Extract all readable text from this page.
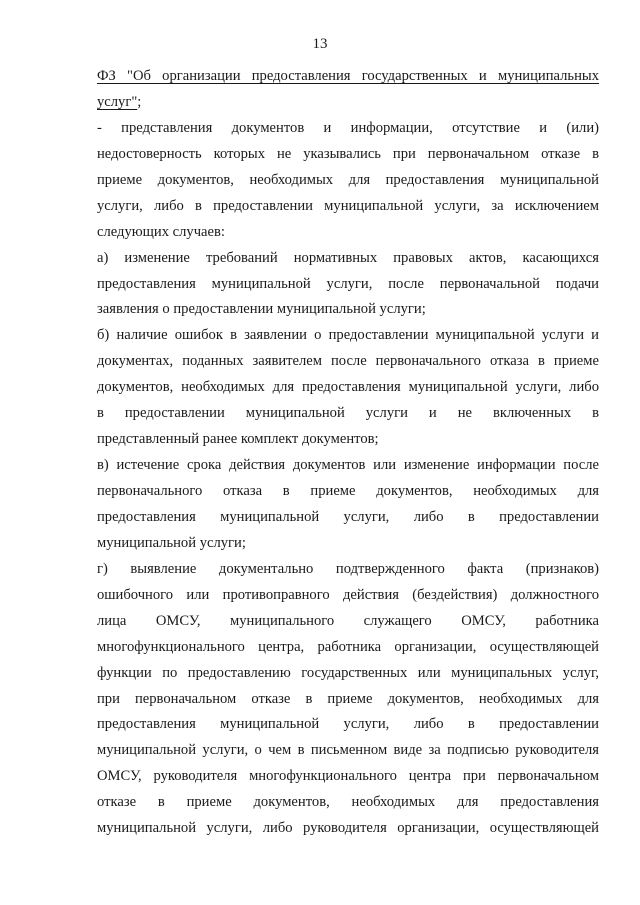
13
ФЗ "Об организации предоставления государственных и муниципальных
услуг";
- представления документов и информации, отсутствие и (или)
недостоверность которых не указывались при первоначальном отказе в
приеме документов, необходимых для предоставления муниципальной
услуги, либо в предоставлении муниципальной услуги, за исключением
следующих случаев:
а) изменение требований нормативных правовых актов, касающихся
предоставления муниципальной услуги, после первоначальной подачи
заявления о предоставлении муниципальной услуги;
б) наличие ошибок в заявлении о предоставлении муниципальной услуги и
документах, поданных заявителем после первоначального отказа в приеме
документов, необходимых для предоставления муниципальной услуги, либо
в предоставлении муниципальной услуги и не включенных в
представленный ранее комплект документов;
в) истечение срока действия документов или изменение информации после
первоначального отказа в приеме документов, необходимых для
предоставления муниципальной услуги, либо в предоставлении
муниципальной услуги;
г) выявление документально подтвержденного факта (признаков)
ошибочного или противоправного действия (бездействия) должностного
лица ОМСУ, муниципального служащего ОМСУ, работника
многофункционального центра, работника организации, осуществляющей
функции по предоставлению государственных или муниципальных услуг,
при первоначальном отказе в приеме документов, необходимых для
предоставления муниципальной услуги, либо в предоставлении
муниципальной услуги, о чем в письменном виде за подписью руководителя
ОМСУ, руководителя многофункционального центра при первоначальном
отказе в приеме документов, необходимых для предоставления
муниципальной услуги, либо руководителя организации, осуществляющей
